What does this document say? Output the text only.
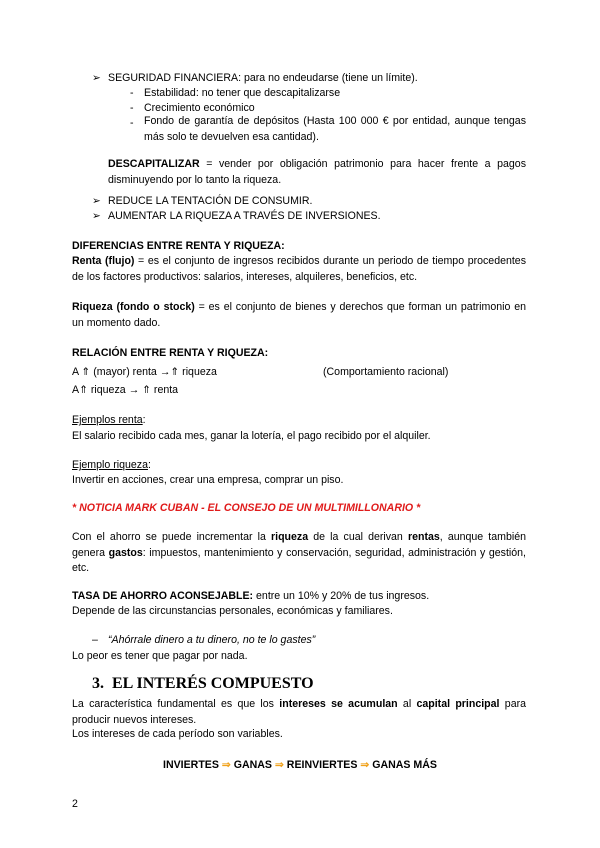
➢ SEGURIDAD FINANCIERA: para no endeudarse (tiene un límite).
- Estabilidad: no tener que descapitalizarse
- Crecimiento económico
- Fondo de garantía de depósitos (Hasta 100 000 € por entidad, aunque tengas más solo te devuelven esa cantidad).
DESCAPITALIZAR = vender por obligación patrimonio para hacer frente a pagos disminuyendo por lo tanto la riqueza.
➢ REDUCE LA TENTACIÓN DE CONSUMIR.
➢ AUMENTAR LA RIQUEZA A TRAVÉS DE INVERSIONES.
DIFERENCIAS ENTRE RENTA Y RIQUEZA:
Renta (flujo) = es el conjunto de ingresos recibidos durante un periodo de tiempo procedentes de los factores productivos: salarios, intereses, alquileres, beneficios, etc.
Riqueza (fondo o stock) = es el conjunto de bienes y derechos que forman un patrimonio en un momento dado.
RELACIÓN ENTRE RENTA Y RIQUEZA:
A ⇑ (mayor) renta →⇑ riqueza	(Comportamiento racional)
A⇑ riqueza → ⇑ renta
Ejemplos renta:
El salario recibido cada mes, ganar la lotería, el pago recibido por el alquiler.
Ejemplo riqueza:
Invertir en acciones, crear una empresa, comprar un piso.
* NOTICIA MARK CUBAN - EL CONSEJO DE UN MULTIMILLONARIO *
Con el ahorro se puede incrementar la riqueza de la cual derivan rentas, aunque también genera gastos: impuestos, mantenimiento y conservación, seguridad, administración y gestión, etc.
TASA DE AHORRO ACONSEJABLE: entre un 10% y 20% de tus ingresos.
Depende de las circunstancias personales, económicas y familiares.
– “Ahórrale dinero a tu dinero, no te lo gastes”
Lo peor es tener que pagar por nada.
3. EL INTERÉS COMPUESTO
La característica fundamental es que los intereses se acumulan al capital principal para producir nuevos intereses.
Los intereses de cada período son variables.
INVIERTES ⇒ GANAS ⇒ REINVIERTES ⇒ GANAS MÁS
2
